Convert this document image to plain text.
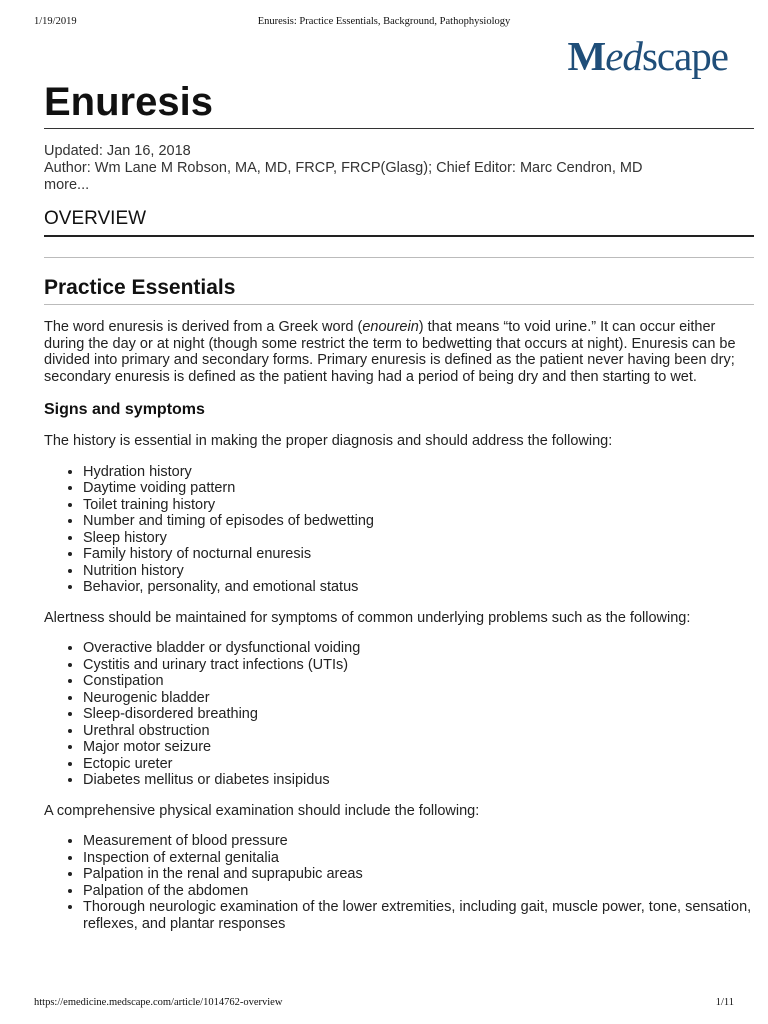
1/19/2019	Enuresis: Practice Essentials, Background, Pathophysiology
Medscape
Enuresis
Updated: Jan 16, 2018
Author: Wm Lane M Robson, MA, MD, FRCP, FRCP(Glasg); Chief Editor: Marc Cendron, MD
more...
OVERVIEW
Practice Essentials

The word enuresis is derived from a Greek word (enourein) that means “to void urine.” It can occur either during the day or at night (though some restrict the term to bedwetting that occurs at night). Enuresis can be divided into primary and secondary forms. Primary enuresis is defined as the patient never having been dry; secondary enuresis is defined as the patient having had a period of being dry and then starting to wet.

Signs and symptoms

The history is essential in making the proper diagnosis and should address the following:

• Hydration history
• Daytime voiding pattern
• Toilet training history
• Number and timing of episodes of bedwetting
• Sleep history
• Family history of nocturnal enuresis
• Nutrition history
• Behavior, personality, and emotional status

Alertness should be maintained for symptoms of common underlying problems such as the following:

• Overactive bladder or dysfunctional voiding
• Cystitis and urinary tract infections (UTIs)
• Constipation
• Neurogenic bladder
• Sleep-disordered breathing
• Urethral obstruction
• Major motor seizure
• Ectopic ureter
• Diabetes mellitus or diabetes insipidus

A comprehensive physical examination should include the following:

• Measurement of blood pressure
• Inspection of external genitalia
• Palpation in the renal and suprapubic areas
• Palpation of the abdomen
• Thorough neurologic examination of the lower extremities, including gait, muscle power, tone, sensation, reflexes, and plantar responses
https://emedicine.medscape.com/article/1014762-overview	1/11
